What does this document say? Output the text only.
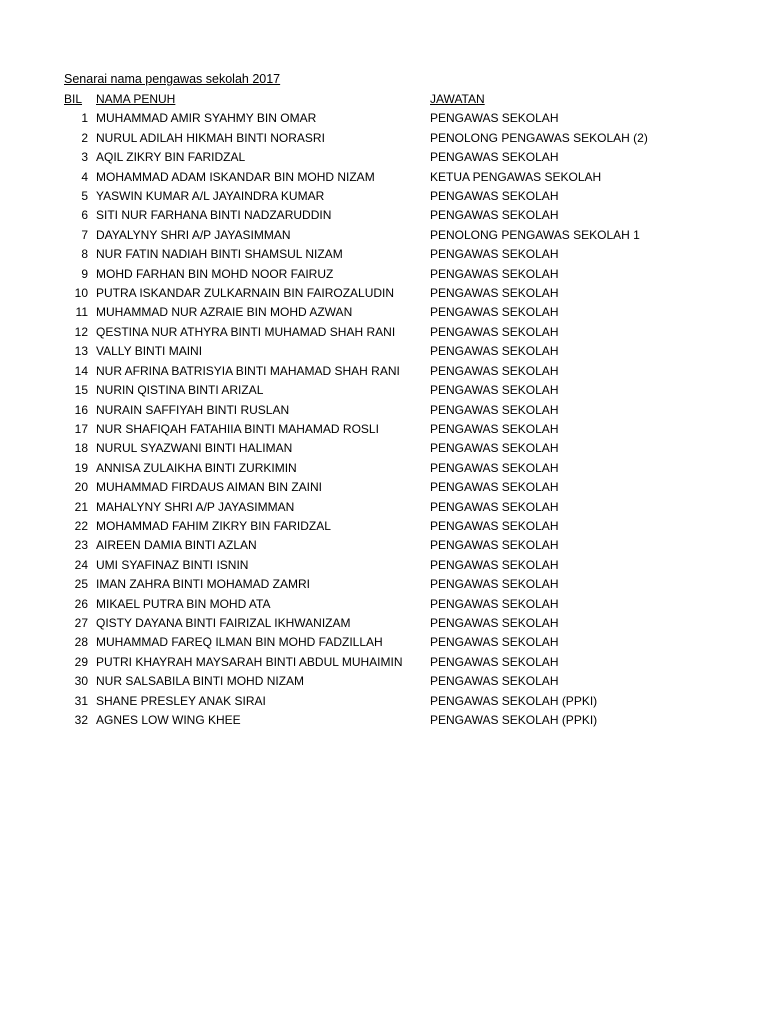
Senarai nama pengawas sekolah 2017
BIL		NAMA PENUH	JAWATAN
1		MUHAMMAD AMIR SYAHMY BIN OMAR	PENGAWAS SEKOLAH
2		NURUL ADILAH HIKMAH BINTI NORASRI	PENOLONG PENGAWAS SEKOLAH (2)
3		AQIL ZIKRY BIN FARIDZAL	PENGAWAS SEKOLAH
4		MOHAMMAD ADAM ISKANDAR BIN MOHD NIZAM	KETUA PENGAWAS SEKOLAH
5		YASWIN KUMAR A/L JAYAINDRA KUMAR	PENGAWAS SEKOLAH
6		SITI NUR FARHANA BINTI NADZARUDDIN	PENGAWAS SEKOLAH
7		DAYALYNY SHRI A/P JAYASIMMAN	PENOLONG PENGAWAS SEKOLAH 1
8		NUR FATIN NADIAH BINTI SHAMSUL NIZAM	PENGAWAS SEKOLAH
9		MOHD FARHAN BIN MOHD NOOR FAIRUZ	PENGAWAS SEKOLAH
10		PUTRA ISKANDAR ZULKARNAIN BIN FAIROZALUDIN	PENGAWAS SEKOLAH
11		MUHAMMAD NUR AZRAIE BIN MOHD AZWAN	PENGAWAS SEKOLAH
12		QESTINA NUR ATHYRA BINTI MUHAMAD SHAH RANI	PENGAWAS SEKOLAH
13		VALLY BINTI MAINI	PENGAWAS SEKOLAH
14		NUR AFRINA BATRISYIA BINTI MAHAMAD SHAH RANI	PENGAWAS SEKOLAH
15		NURIN QISTINA BINTI ARIZAL	PENGAWAS SEKOLAH
16		NURAIN SAFFIYAH BINTI RUSLAN	PENGAWAS SEKOLAH
17		NUR SHAFIQAH FATAHIIA BINTI MAHAMAD ROSLI	PENGAWAS SEKOLAH
18		NURUL SYAZWANI BINTI HALIMAN	PENGAWAS SEKOLAH
19		ANNISA ZULAIKHA BINTI ZURKIMIN	PENGAWAS SEKOLAH
20		MUHAMMAD FIRDAUS AIMAN BIN ZAINI	PENGAWAS SEKOLAH
21		MAHALYNY SHRI A/P JAYASIMMAN	PENGAWAS SEKOLAH
22		MOHAMMAD FAHIM ZIKRY BIN FARIDZAL	PENGAWAS SEKOLAH
23		AIREEN DAMIA BINTI AZLAN	PENGAWAS SEKOLAH
24		UMI SYAFINAZ BINTI ISNIN	PENGAWAS SEKOLAH
25		IMAN ZAHRA BINTI MOHAMAD ZAMRI	PENGAWAS SEKOLAH
26		MIKAEL PUTRA BIN MOHD ATA	PENGAWAS SEKOLAH
27		QISTY DAYANA BINTI FAIRIZAL IKHWANIZAM	PENGAWAS SEKOLAH
28		MUHAMMAD FAREQ ILMAN BIN MOHD FADZILLAH	PENGAWAS SEKOLAH
29		PUTRI KHAYRAH MAYSARAH BINTI ABDUL MUHAIMIN	PENGAWAS SEKOLAH
30		NUR SALSABILA BINTI MOHD NIZAM	PENGAWAS SEKOLAH
31		SHANE PRESLEY ANAK SIRAI	PENGAWAS SEKOLAH (PPKI)
32		AGNES LOW WING KHEE	PENGAWAS SEKOLAH (PPKI)
